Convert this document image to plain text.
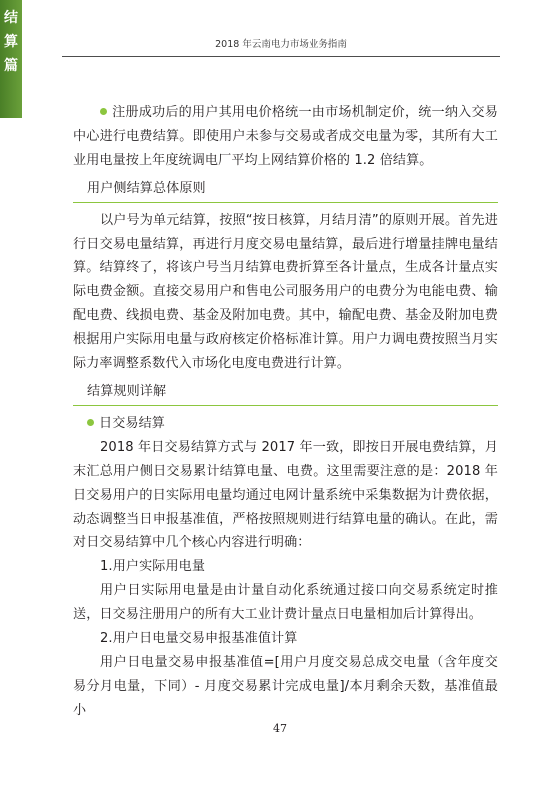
结
算
篇
2018 年云南电力市场业务指南

注册成功后的用户其用电价格统一由市场机制定价，统一纳入交易中心进行电费结算。即使用户未参与交易或者成交电量为零，其所有大工业用电量按上年度统调电厂平均上网结算价格的 1.2 倍结算。

用户侧结算总体原则

以户号为单元结算，按照“按日核算，月结月清”的原则开展。首先进行日交易电量结算，再进行月度交易电量结算，最后进行增量挂牌电量结算。结算终了，将该户号当月结算电费折算至各计量点，生成各计量点实际电费金额。直接交易用户和售电公司服务用户的电费分为电能电费、输配电费、线损电费、基金及附加电费。其中，输配电费、基金及附加电费根据用户实际用电量与政府核定价格标准计算。用户力调电费按照当月实际力率调整系数代入市场化电度电费进行计算。

结算规则详解

日交易结算

2018 年日交易结算方式与 2017 年一致，即按日开展电费结算，月末汇总用户侧日交易累计结算电量、电费。这里需要注意的是：2018 年日交易用户的日实际用电量均通过电网计量系统中采集数据为计费依据，动态调整当日申报基准值，严格按照规则进行结算电量的确认。在此，需对日交易结算中几个核心内容进行明确：

1.用户实际用电量

用户日实际用电量是由计量自动化系统通过接口向交易系统定时推送，日交易注册用户的所有大工业计费计量点日电量相加后计算得出。

2.用户日电量交易申报基准值计算

用户日电量交易申报基准值=[用户月度交易总成交电量（含年度交易分月电量，下同）- 月度交易累计完成电量]/本月剩余天数，基准值最小

47
